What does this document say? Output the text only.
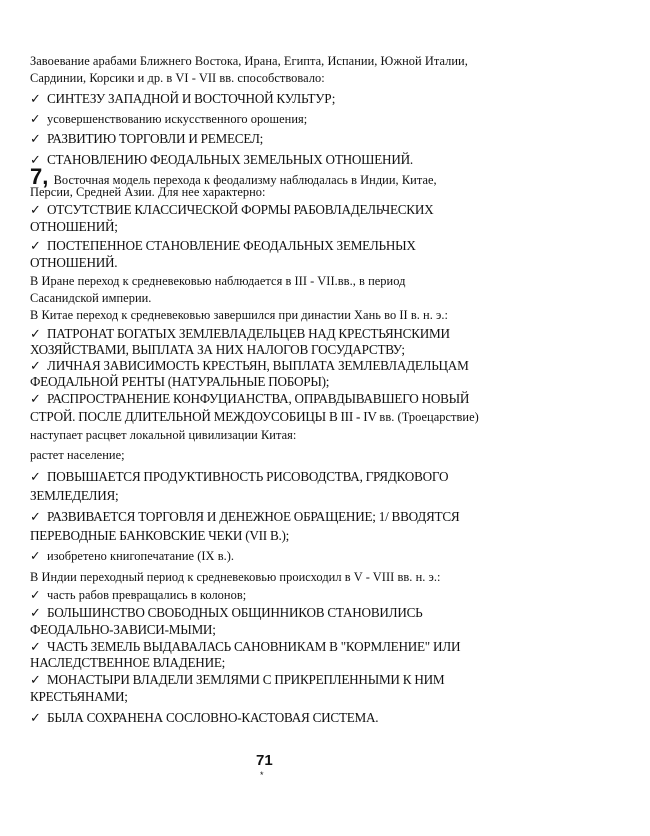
Завоевание арабами Ближнего Востока, Ирана, Египта, Испании, Южной Италии,
Сардинии, Корсики и др. в VI - VII вв. способствовало:
✓ СИНТЕЗУ ЗАПАДНОЙ И ВОСТОЧНОЙ КУЛЬТУР;
✓ усовершенствованию искусственного орошения;
✓ РАЗВИТИЮ ТОРГОВЛИ И РЕМЕСЕЛ;
✓ СТАНОВЛЕНИЮ ФЕОДАЛЬНЫХ ЗЕМЕЛЬНЫХ ОТНОШЕНИЙ.
7, Восточная модель перехода к феодализму наблюдалась в Индии, Китае,
Персии, Средней Азии. Для нее характерно:
✓ ОТСУТСТВИЕ КЛАССИЧЕСКОЙ ФОРМЫ РАБОВЛАДЕЛЬЧЕСКИХ
ОТНОШЕНИЙ;
✓ ПОСТЕПЕННОЕ СТАНОВЛЕНИЕ ФЕОДАЛЬНЫХ ЗЕМЕЛЬНЫХ
ОТНОШЕНИЙ.
В Иране переход к средневековью наблюдается в III - VII.вв., в период
Сасанидской империи.
В Китае переход к средневековью завершился при династии Хань во II в. н. э.:
✓ ПАТРОНАТ БОГАТЫХ ЗЕМЛЕВЛАДЕЛЬЦЕВ НАД КРЕСТЬЯНСКИМИ
ХОЗЯЙСТВАМИ, ВЫПЛАТА ЗА НИХ НАЛОГОВ ГОСУДАРСТВУ;
✓ ЛИЧНАЯ ЗАВИСИМОСТЬ КРЕСТЬЯН, ВЫПЛАТА ЗЕМЛЕВЛАДЕЛЬЦАМ
ФЕОДАЛЬНОЙ РЕНТЫ (НАТУРАЛЬНЫЕ ПОБОРЫ);
✓ РАСПРОСТРАНЕНИЕ КОНФУЦИАНСТВА, ОПРАВДЫВАВШЕГО НОВЫЙ
СТРОЙ. ПОСЛЕ ДЛИТЕЛЬНОЙ МЕЖДОУСОБИЦЫ В III - IV вв. (Троецарствие)
наступает расцвет локальной цивилизации Китая:
растет население;
✓ ПОВЫШАЕТСЯ ПРОДУКТИВНОСТЬ РИСОВОДСТВА, ГРЯДКОВОГО
ЗЕМЛЕДЕЛИЯ;
✓ РАЗВИВАЕТСЯ ТОРГОВЛЯ И ДЕНЕЖНОЕ ОБРАЩЕНИЕ; 1/ ВВОДЯТСЯ
ПЕРЕВОДНЫЕ БАНКОВСКИЕ ЧЕКИ (VII В.);
✓ изобретено книгопечатание (IX в.).
В Индии переходный период к средневековью происходил в V - VIII вв. н. э.:
✓ часть рабов превращались в колонов;
✓ БОЛЬШИНСТВО СВОБОДНЫХ ОБЩИННИКОВ СТАНОВИЛИСЬ
ФЕОДАЛЬНО-ЗАВИСИ-МЫМИ;
✓ ЧАСТЬ ЗЕМЕЛЬ ВЫДАВАЛАСЬ САНОВНИКАМ В "КОРМЛЕНИЕ" ИЛИ
НАСЛЕДСТВЕННОЕ ВЛАДЕНИЕ;
✓ МОНАСТЫРИ ВЛАДЕЛИ ЗЕМЛЯМИ С ПРИКРЕПЛЕННЫМИ К НИМ
КРЕСТЬЯНАМИ;
✓ БЫЛА СОХРАНЕНА СОСЛОВНО-КАСТОВАЯ СИСТЕМА.
71
*
